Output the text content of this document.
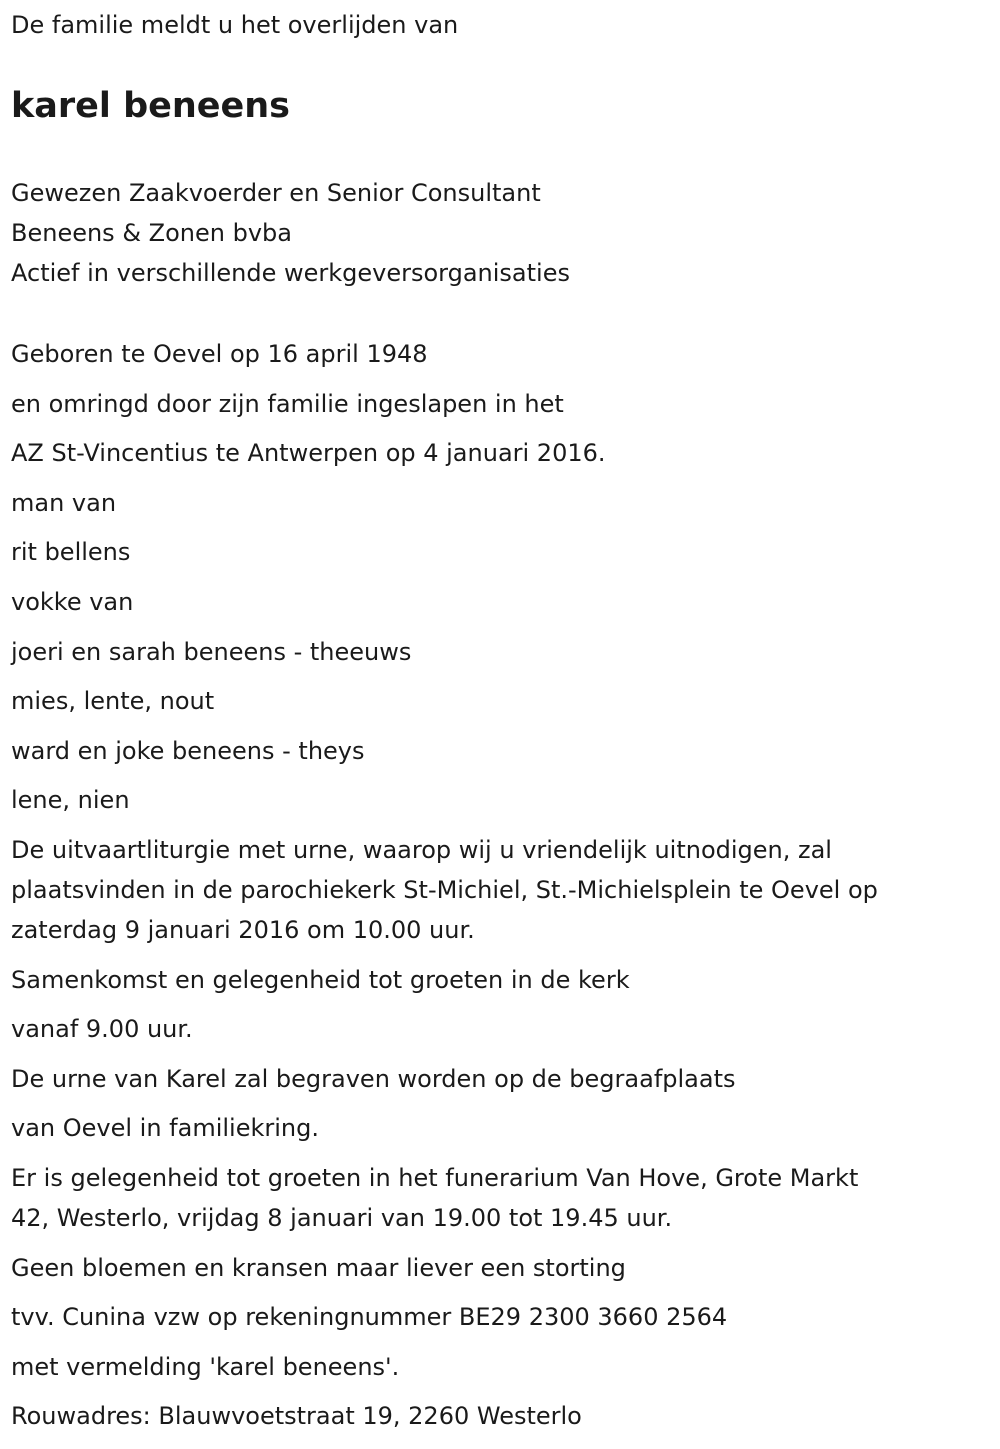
De familie meldt u het overlijden van
karel beneens
Gewezen Zaakvoerder en Senior Consultant
Beneens & Zonen bvba
Actief in verschillende werkgeversorganisaties
Geboren te Oevel op 16 april 1948
en omringd door zijn familie ingeslapen in het
AZ St-Vincentius te Antwerpen op 4 januari 2016.
man van
rit bellens
vokke van
joeri en sarah beneens - theeuws
mies, lente, nout
ward en joke beneens - theys
lene, nien
De uitvaartliturgie met urne, waarop wij u vriendelijk uitnodigen, zal
plaatsvinden in de parochiekerk St-Michiel, St.-Michielsplein te Oevel op
zaterdag 9 januari 2016 om 10.00 uur.
Samenkomst en gelegenheid tot groeten in de kerk
vanaf 9.00 uur.
De urne van Karel zal begraven worden op de begraafplaats
van Oevel in familiekring.
Er is gelegenheid tot groeten in het funerarium Van Hove, Grote Markt
42, Westerlo, vrijdag 8 januari van 19.00 tot 19.45 uur.
Geen bloemen en kransen maar liever een storting
tvv. Cunina vzw op rekeningnummer BE29 2300 3660 2564
met vermelding 'karel beneens'.
Rouwadres: Blauwvoetstraat 19, 2260 Westerlo
